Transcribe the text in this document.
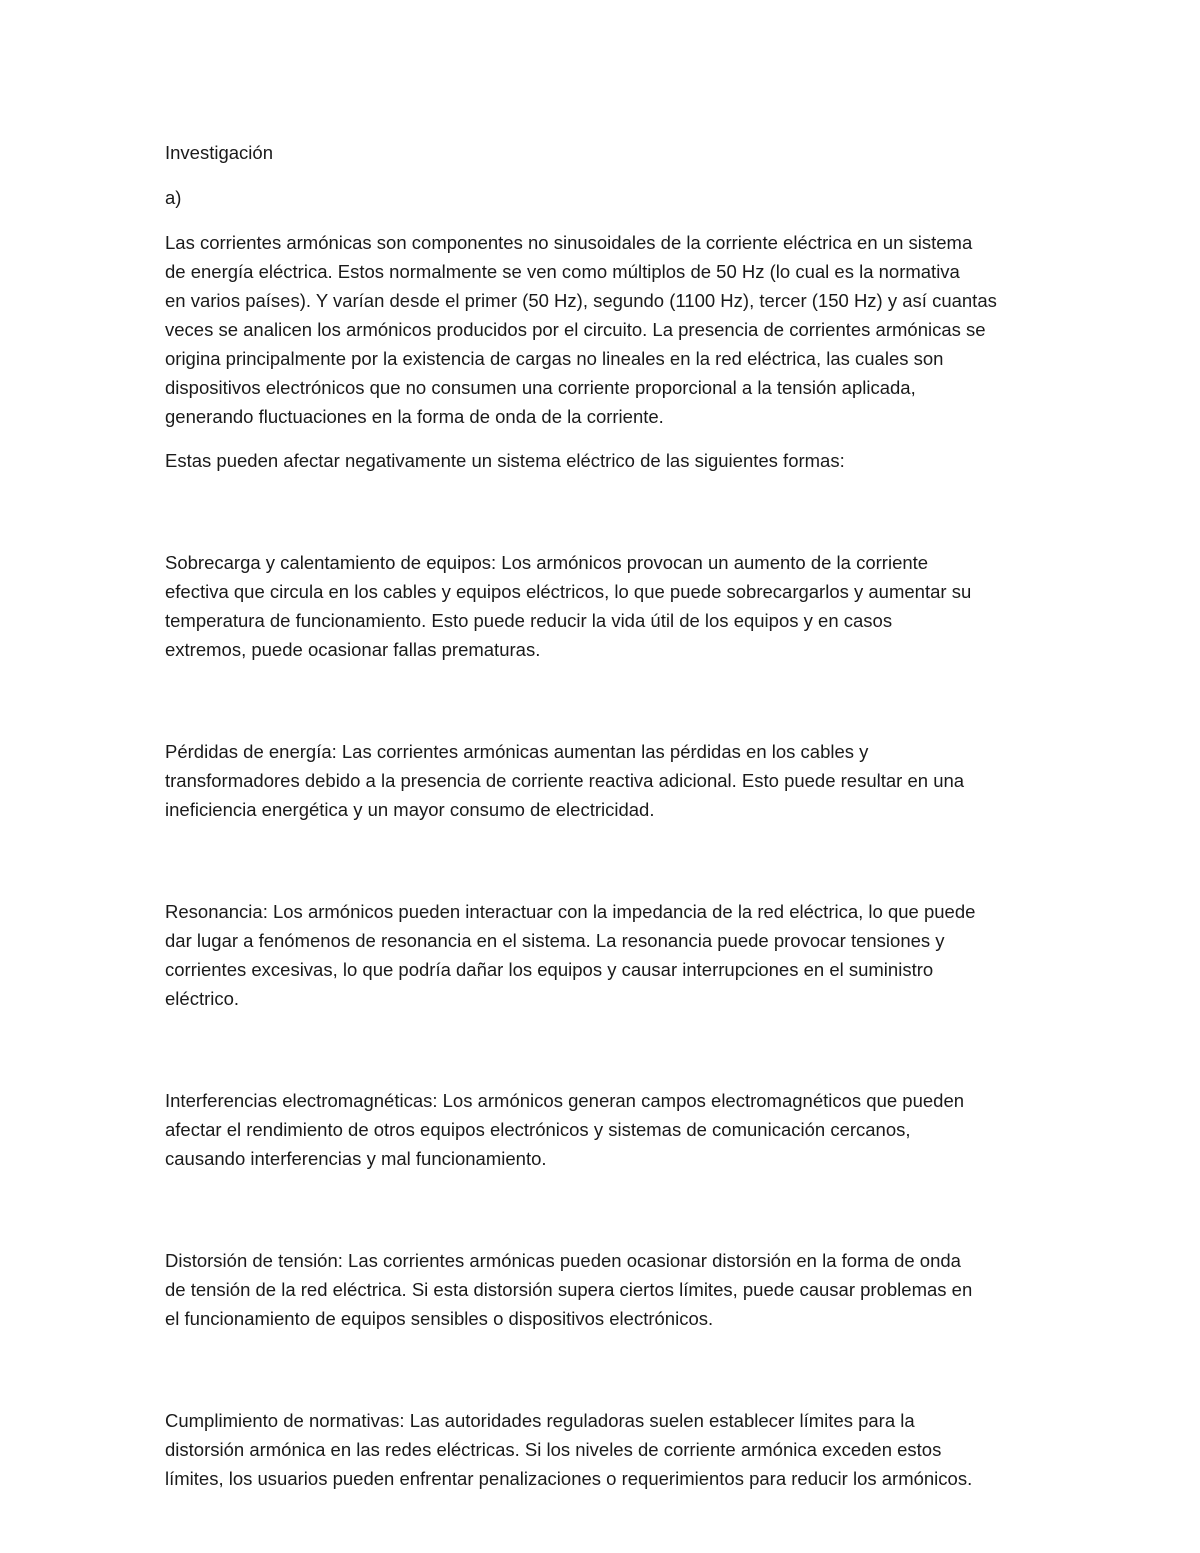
Investigación

a)

Las corrientes armónicas son componentes no sinusoidales de la corriente eléctrica en un sistema
de energía eléctrica. Estos normalmente se ven como múltiplos de 50 Hz (lo cual es la normativa
en varios países). Y varían desde el primer (50 Hz), segundo (1100 Hz), tercer (150 Hz) y así cuantas
veces se analicen los armónicos producidos por el circuito. La presencia de corrientes armónicas se
origina principalmente por la existencia de cargas no lineales en la red eléctrica, las cuales son
dispositivos electrónicos que no consumen una corriente proporcional a la tensión aplicada,
generando fluctuaciones en la forma de onda de la corriente.

Estas pueden afectar negativamente un sistema eléctrico de las siguientes formas:

Sobrecarga y calentamiento de equipos: Los armónicos provocan un aumento de la corriente
efectiva que circula en los cables y equipos eléctricos, lo que puede sobrecargarlos y aumentar su
temperatura de funcionamiento. Esto puede reducir la vida útil de los equipos y en casos
extremos, puede ocasionar fallas prematuras.

Pérdidas de energía: Las corrientes armónicas aumentan las pérdidas en los cables y
transformadores debido a la presencia de corriente reactiva adicional. Esto puede resultar en una
ineficiencia energética y un mayor consumo de electricidad.

Resonancia: Los armónicos pueden interactuar con la impedancia de la red eléctrica, lo que puede
dar lugar a fenómenos de resonancia en el sistema. La resonancia puede provocar tensiones y
corrientes excesivas, lo que podría dañar los equipos y causar interrupciones en el suministro
eléctrico.

Interferencias electromagnéticas: Los armónicos generan campos electromagnéticos que pueden
afectar el rendimiento de otros equipos electrónicos y sistemas de comunicación cercanos,
causando interferencias y mal funcionamiento.

Distorsión de tensión: Las corrientes armónicas pueden ocasionar distorsión en la forma de onda
de tensión de la red eléctrica. Si esta distorsión supera ciertos límites, puede causar problemas en
el funcionamiento de equipos sensibles o dispositivos electrónicos.

Cumplimiento de normativas: Las autoridades reguladoras suelen establecer límites para la
distorsión armónica en las redes eléctricas. Si los niveles de corriente armónica exceden estos
límites, los usuarios pueden enfrentar penalizaciones o requerimientos para reducir los armónicos.
